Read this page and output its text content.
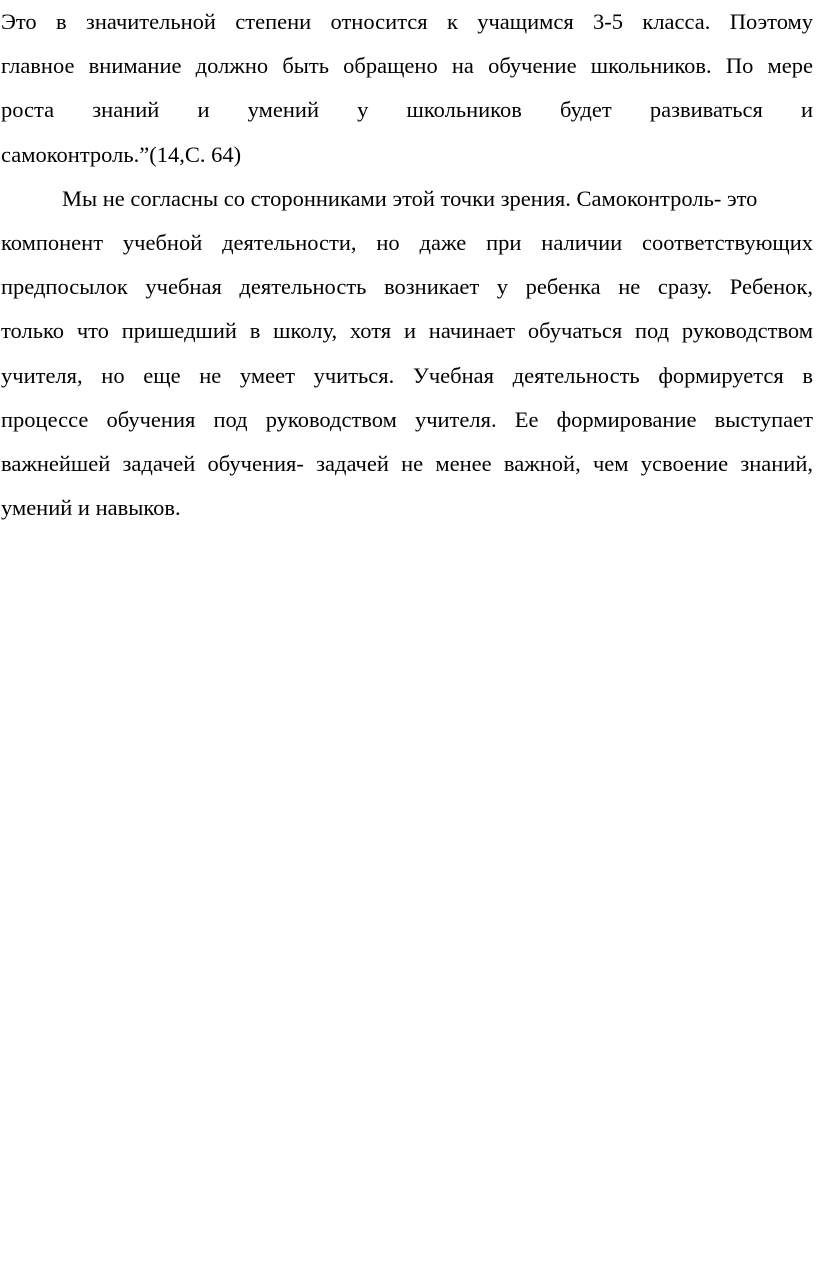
Это в значительной степени относится к учащимся 3-5 класса. Поэтому
главное внимание должно быть обращено на обучение школьников. По мере
роста знаний и умений у школьников будет развиваться и
самоконтроль.”(14,С. 64)
Мы не согласны со сторонниками этой точки зрения. Самоконтроль- это
компонент учебной деятельности, но даже при наличии соответствующих
предпосылок учебная деятельность возникает у ребенка не сразу. Ребенок,
только что пришедший в школу, хотя и начинает обучаться под руководством
учителя, но еще не умеет учиться. Учебная деятельность формируется в
процессе обучения под руководством учителя. Ее формирование выступает
важнейшей задачей обучения- задачей не менее важной, чем усвоение знаний,
умений и навыков.
